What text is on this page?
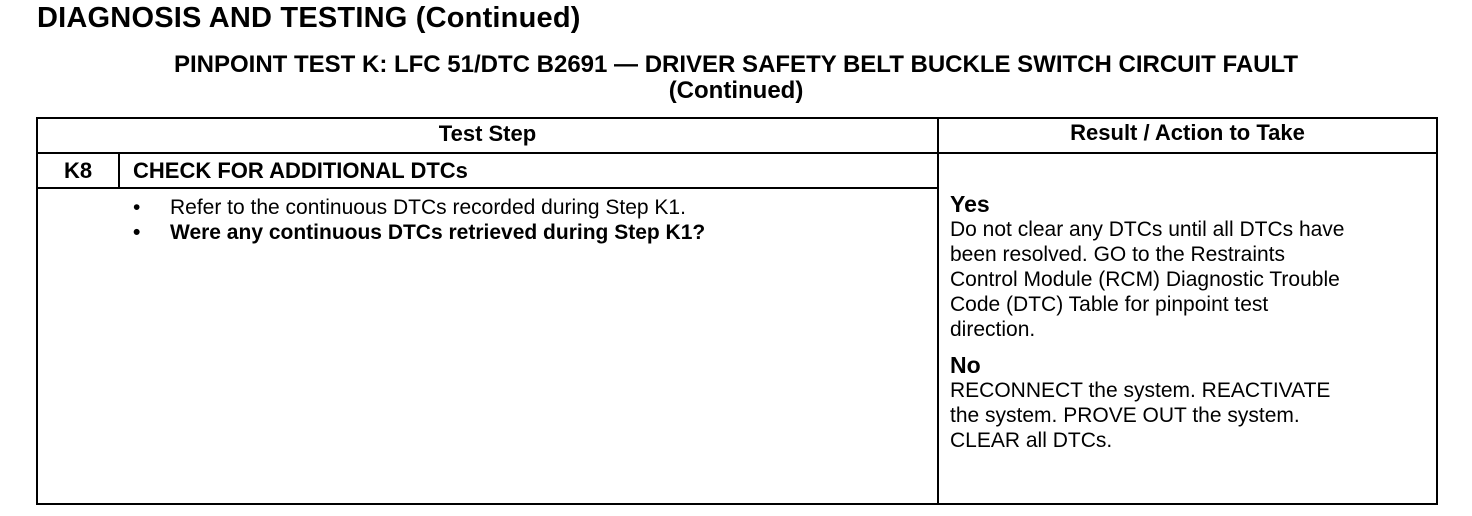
DIAGNOSIS AND TESTING (Continued)
PINPOINT TEST K: LFC 51/DTC B2691 — DRIVER SAFETY BELT BUCKLE SWITCH CIRCUIT FAULT
(Continued)
Test Step	Result / Action to Take
K8	CHECK FOR ADDITIONAL DTCs
• Refer to the continuous DTCs recorded during Step K1.
• Were any continuous DTCs retrieved during Step K1?
Yes
Do not clear any DTCs until all DTCs have
been resolved. GO to the Restraints
Control Module (RCM) Diagnostic Trouble
Code (DTC) Table for pinpoint test
direction.
No
RECONNECT the system. REACTIVATE
the system. PROVE OUT the system.
CLEAR all DTCs.
